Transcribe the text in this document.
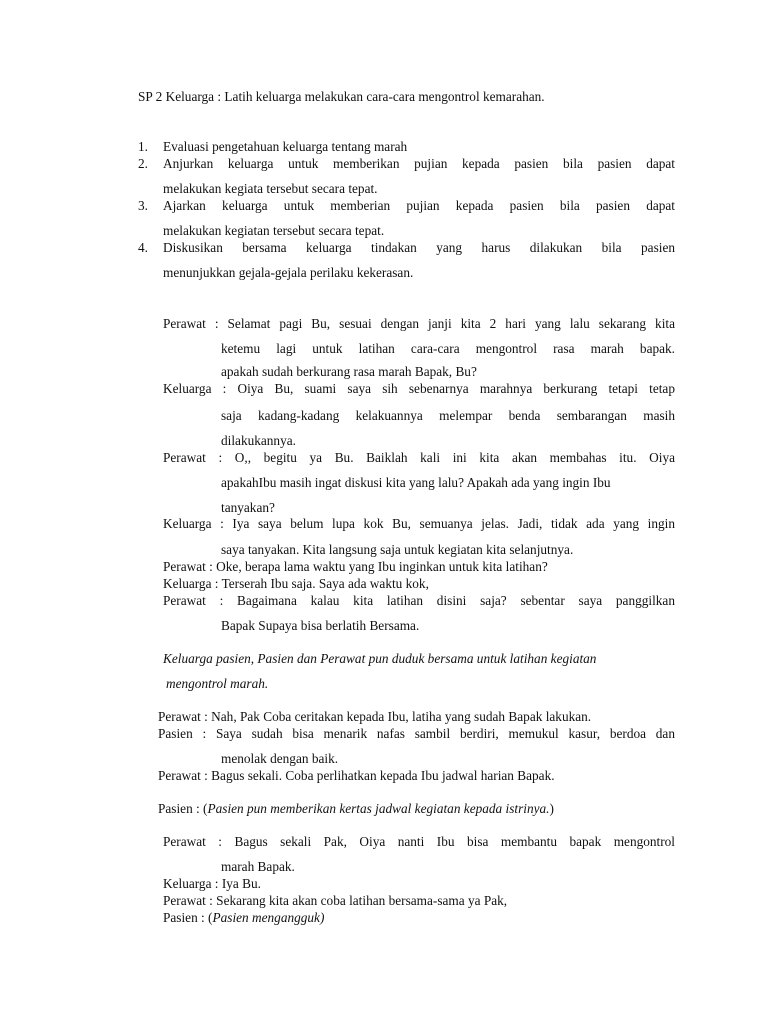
SP 2 Keluarga : Latih keluarga melakukan cara-cara mengontrol kemarahan.
1. Evaluasi pengetahuan keluarga tentang marah
2. Anjurkan keluarga untuk memberikan pujian kepada pasien bila pasien dapat
melakukan kegiata tersebut secara tepat.
3. Ajarkan keluarga untuk memberian pujian kepada pasien bila pasien dapat
melakukan kegiatan tersebut secara tepat.
4. Diskusikan bersama keluarga tindakan yang harus dilakukan bila pasien
menunjukkan gejala-gejala perilaku kekerasan.
Perawat : Selamat pagi Bu, sesuai dengan janji kita 2 hari yang lalu sekarang kita
ketemu lagi untuk latihan cara-cara mengontrol rasa marah bapak.
apakah sudah berkurang rasa marah Bapak, Bu?
Keluarga : Oiya Bu, suami saya sih sebenarnya marahnya berkurang tetapi tetap
saja kadang-kadang kelakuannya melempar benda sembarangan masih
dilakukannya.
Perawat : O,, begitu ya Bu. Baiklah kali ini kita akan membahas itu. Oiya
apakahIbu masih ingat diskusi kita yang lalu? Apakah ada yang ingin Ibu
tanyakan?
Keluarga : Iya saya belum lupa kok Bu, semuanya jelas. Jadi, tidak ada yang ingin
saya tanyakan. Kita langsung saja untuk kegiatan kita selanjutnya.
Perawat : Oke, berapa lama waktu yang Ibu inginkan untuk kita latihan?
Keluarga : Terserah Ibu saja. Saya ada waktu kok,
Perawat : Bagaimana kalau kita latihan disini saja? sebentar saya panggilkan
Bapak Supaya bisa berlatih Bersama.
Keluarga pasien, Pasien dan Perawat pun duduk bersama untuk latihan kegiatan
mengontrol marah.
Perawat : Nah, Pak Coba ceritakan kepada Ibu, latiha yang sudah Bapak lakukan.
Pasien : Saya sudah bisa menarik nafas sambil berdiri, memukul kasur, berdoa dan
menolak dengan baik.
Perawat : Bagus sekali. Coba perlihatkan kepada Ibu jadwal harian Bapak.
Pasien : (Pasien pun memberikan kertas jadwal kegiatan kepada istrinya.)
Perawat : Bagus sekali Pak, Oiya nanti Ibu bisa membantu bapak mengontrol
marah Bapak.
Keluarga : Iya Bu.
Perawat : Sekarang kita akan coba latihan bersama-sama ya Pak,
Pasien : (Pasien mengangguk)
